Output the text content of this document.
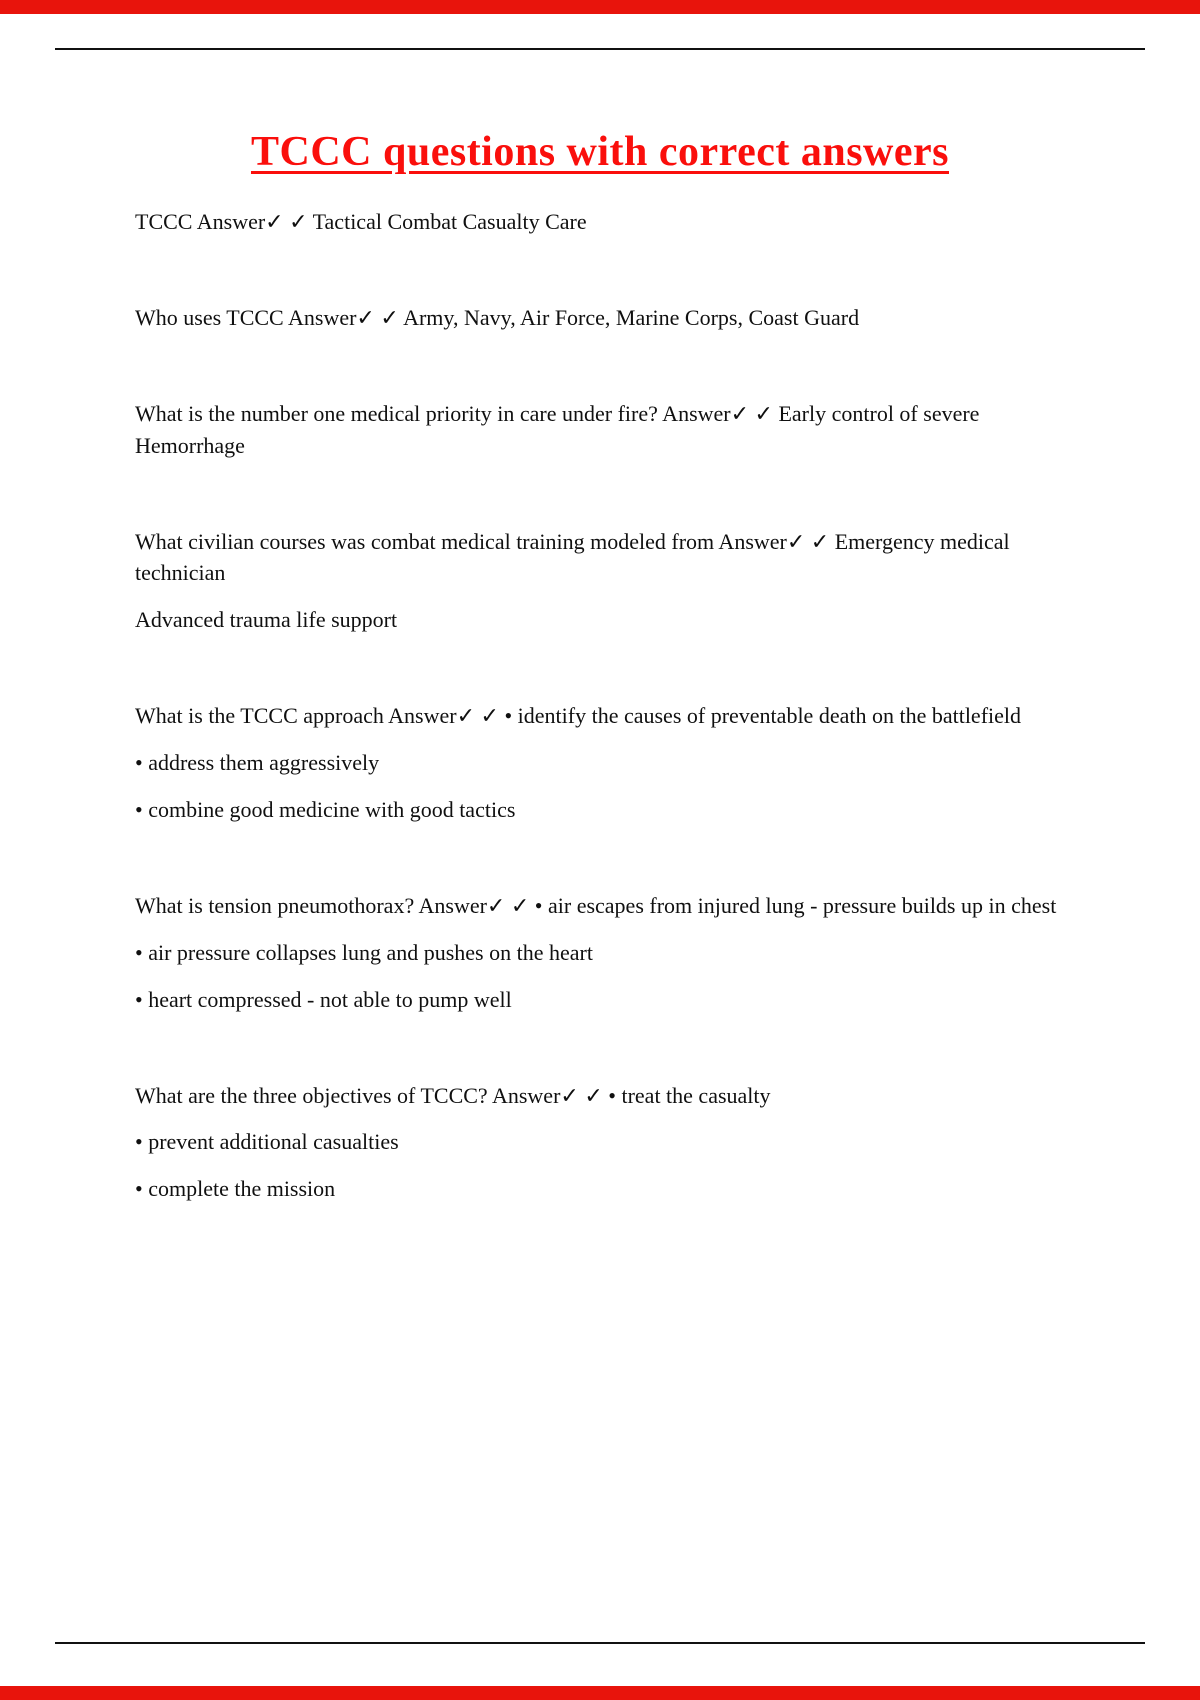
TCCC questions with correct answers

TCCC Answer✓ ✓ Tactical Combat Casualty Care

Who uses TCCC Answer✓ ✓ Army, Navy, Air Force, Marine Corps, Coast Guard

What is the number one medical priority in care under fire? Answer✓ ✓ Early control of severe Hemorrhage

What civilian courses was combat medical training modeled from Answer✓ ✓ Emergency medical technician

Advanced trauma life support

What is the TCCC approach Answer✓ ✓ • identify the causes of preventable death on the battlefield

• address them aggressively

• combine good medicine with good tactics

What is tension pneumothorax? Answer✓ ✓ • air escapes from injured lung - pressure builds up in chest

• air pressure collapses lung and pushes on the heart

• heart compressed - not able to pump well

What are the three objectives of TCCC? Answer✓ ✓ • treat the casualty

• prevent additional casualties

• complete the mission
